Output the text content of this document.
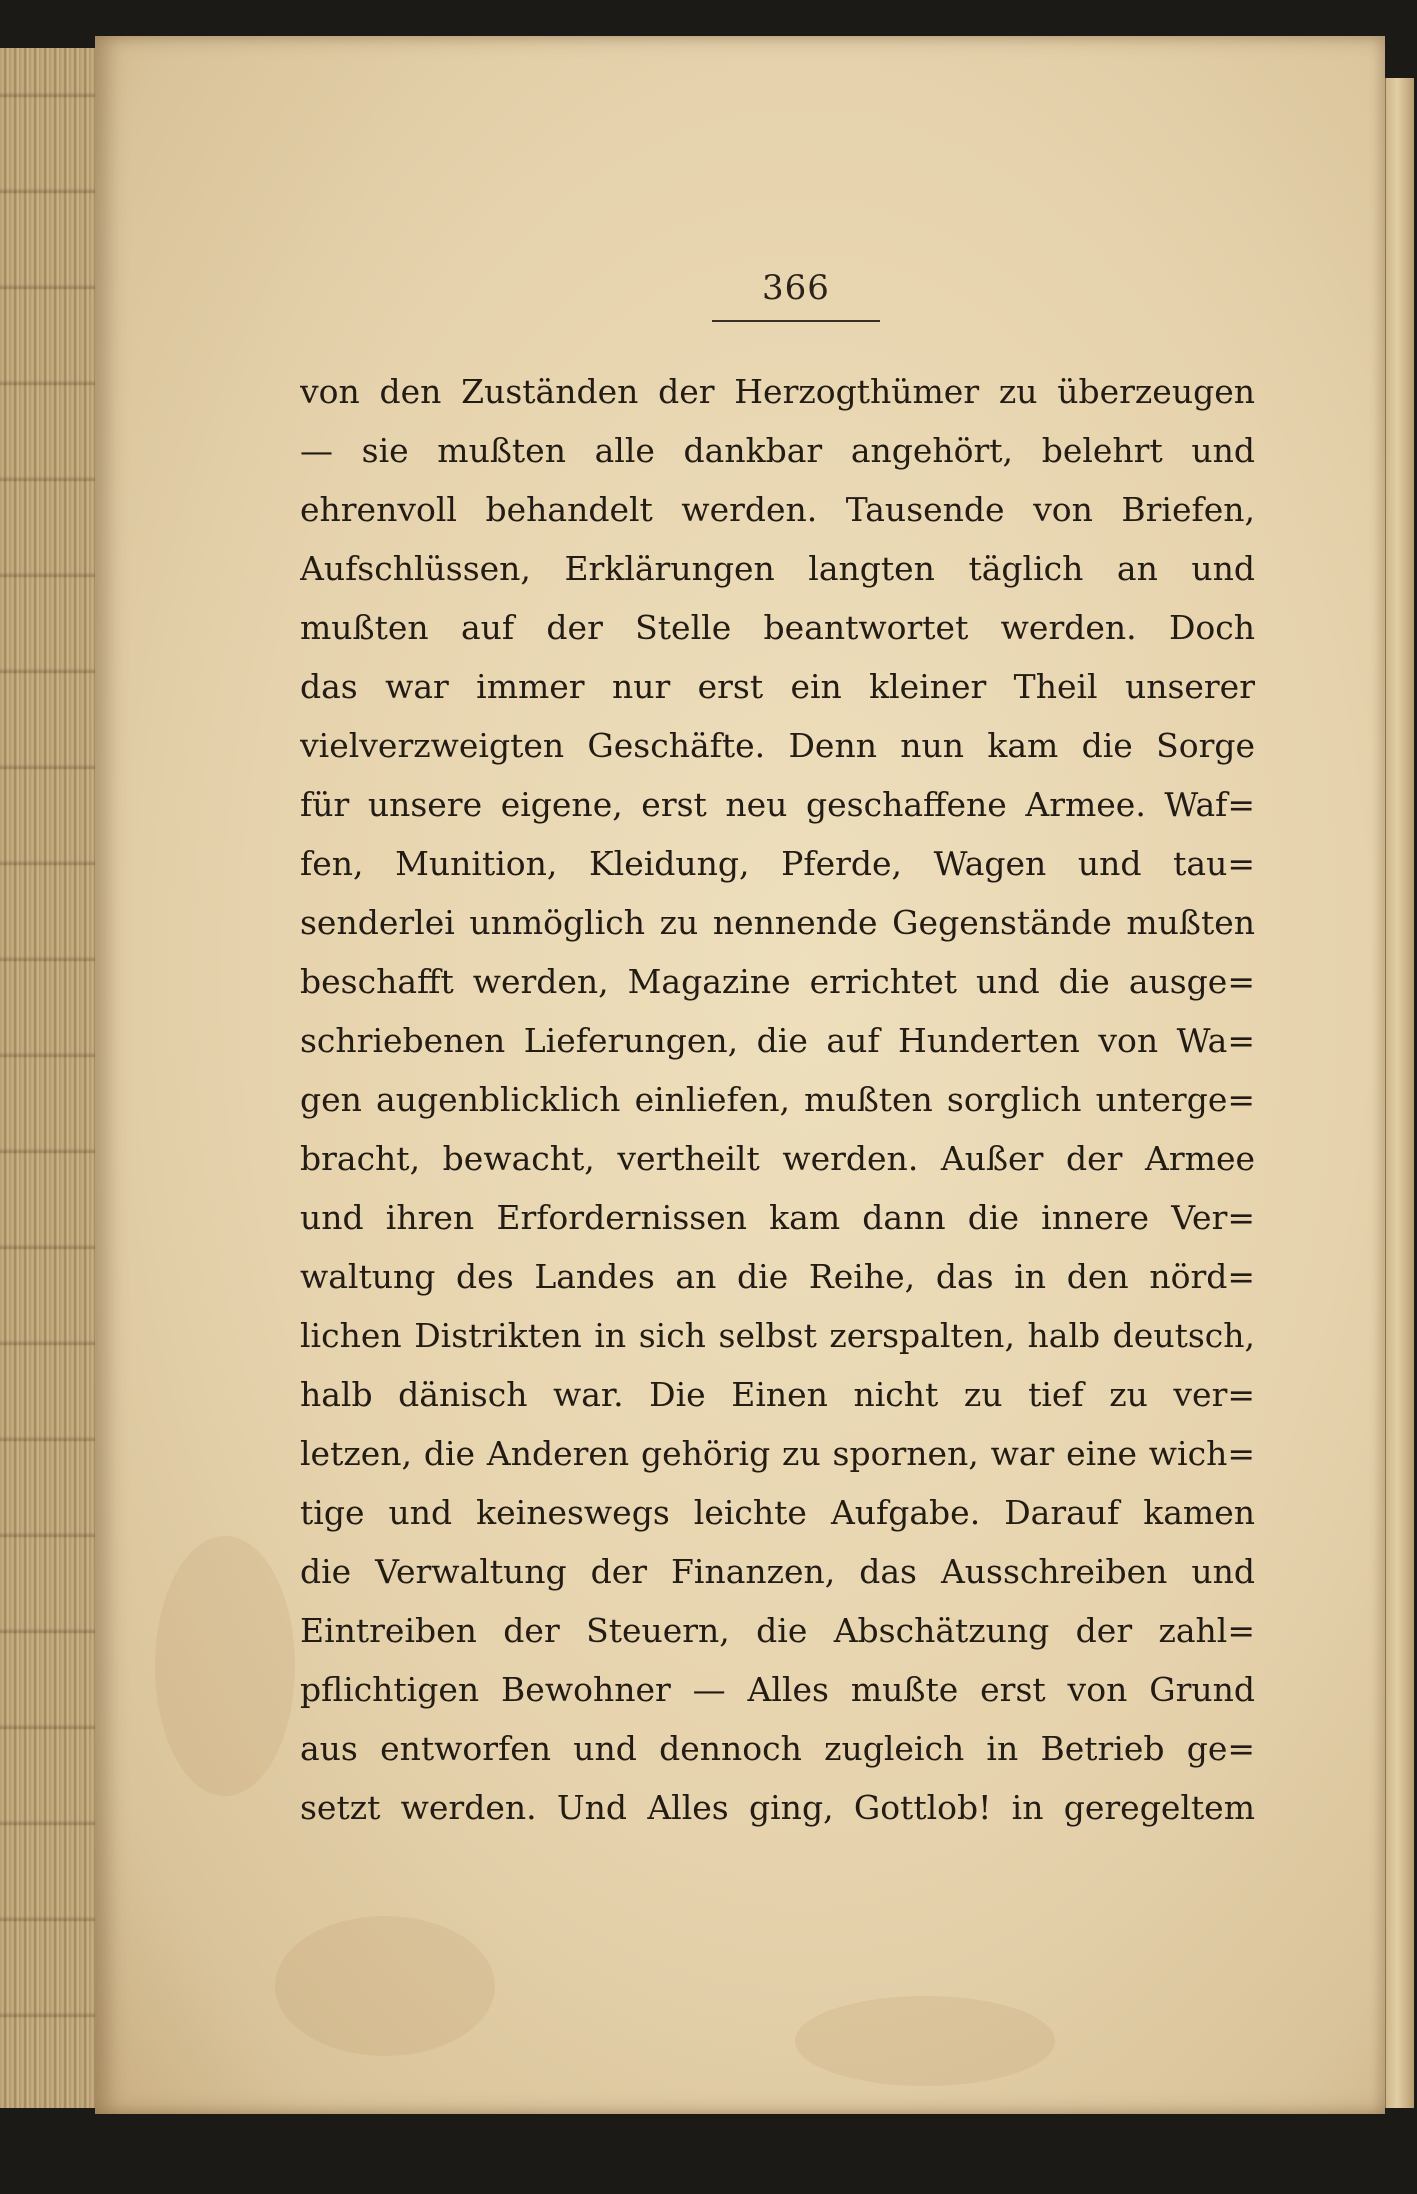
366
von den Zuständen der Herzogthümer zu überzeugen
— sie mußten alle dankbar angehört, belehrt und
ehrenvoll behandelt werden. Tausende von Briefen,
Aufschlüssen, Erklärungen langten täglich an und
mußten auf der Stelle beantwortet werden. Doch
das war immer nur erst ein kleiner Theil unserer
vielverzweigten Geschäfte. Denn nun kam die Sorge
für unsere eigene, erst neu geschaffene Armee. Waf=
fen, Munition, Kleidung, Pferde, Wagen und tau=
senderlei unmöglich zu nennende Gegenstände mußten
beschafft werden, Magazine errichtet und die ausge=
schriebenen Lieferungen, die auf Hunderten von Wa=
gen augenblicklich einliefen, mußten sorglich unterge=
bracht, bewacht, vertheilt werden. Außer der Armee
und ihren Erfordernissen kam dann die innere Ver=
waltung des Landes an die Reihe, das in den nörd=
lichen Distrikten in sich selbst zerspalten, halb deutsch,
halb dänisch war. Die Einen nicht zu tief zu ver=
letzen, die Anderen gehörig zu spornen, war eine wich=
tige und keineswegs leichte Aufgabe. Darauf kamen
die Verwaltung der Finanzen, das Ausschreiben und
Eintreiben der Steuern, die Abschätzung der zahl=
pflichtigen Bewohner — Alles mußte erst von Grund
aus entworfen und dennoch zugleich in Betrieb ge=
setzt werden. Und Alles ging, Gottlob! in geregeltem
